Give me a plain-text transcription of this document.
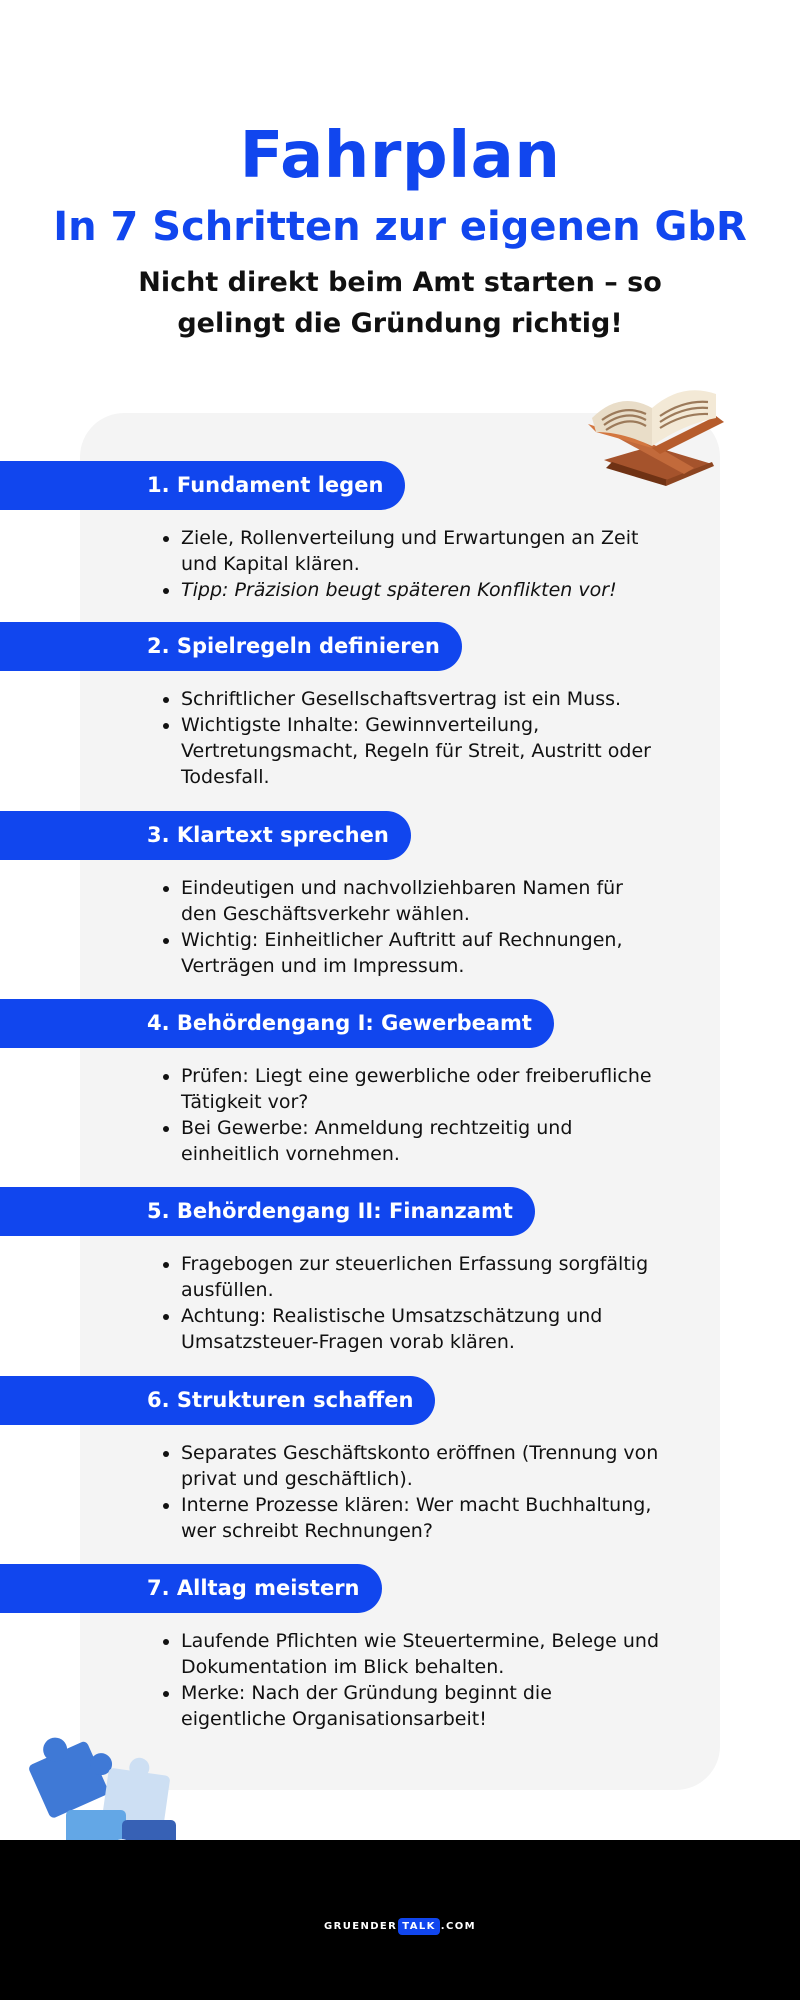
Fahrplan
In 7 Schritten zur eigenen GbR

Nicht direkt beim Amt starten – so gelingt die Gründung richtig!

1. Fundament legen
Ziele, Rollenverteilung und Erwartungen an Zeit und Kapital klären.
Tipp: Präzision beugt späteren Konflikten vor!
2. Spielregeln definieren
Schriftlicher Gesellschaftsvertrag ist ein Muss.
Wichtigste Inhalte: Gewinnverteilung, Vertretungsmacht, Regeln für Streit, Austritt oder Todesfall.
3. Klartext sprechen
Eindeutigen und nachvollziehbaren Namen für den Geschäftsverkehr wählen.
Wichtig: Einheitlicher Auftritt auf Rechnungen, Verträgen und im Impressum.
4. Behördengang I: Gewerbeamt
Prüfen: Liegt eine gewerbliche oder freiberufliche Tätigkeit vor?
Bei Gewerbe: Anmeldung rechtzeitig und einheitlich vornehmen.
5. Behördengang II: Finanzamt
Fragebogen zur steuerlichen Erfassung sorgfältig ausfüllen.
Achtung: Realistische Umsatzschätzung und Umsatzsteuer-Fragen vorab klären.
6. Strukturen schaffen
Separates Geschäftskonto eröffnen (Trennung von privat und geschäftlich).
Interne Prozesse klären: Wer macht Buchhaltung, wer schreibt Rechnungen?
7. Alltag meistern
Laufende Pflichten wie Steuertermine, Belege und Dokumentation im Blick behalten.
Merke: Nach der Gründung beginnt die eigentliche Organisationsarbeit!
GRUENDER TALK .COM
